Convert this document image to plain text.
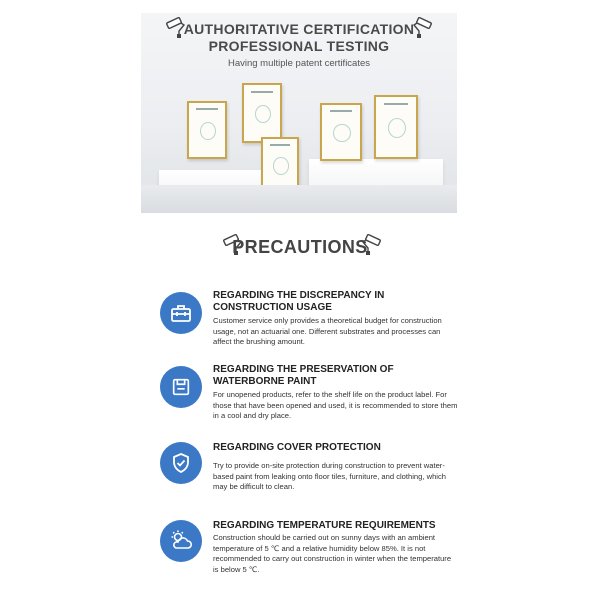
AUTHORITATIVE CERTIFICATION
PROFESSIONAL TESTING
Having multiple patent certificates
PRECAUTIONS
REGARDING THE DISCREPANCY IN CONSTRUCTION USAGE
Customer service only provides a theoretical budget for construction usage, not an actuarial one. Different substrates and processes can affect the brushing amount.
REGARDING THE PRESERVATION OF WATERBORNE PAINT
For unopened products, refer to the shelf life on the product label. For those that have been opened and used, it is recommended to store them in a cool and dry place.
REGARDING COVER PROTECTION
Try to provide on-site protection during construction to prevent water-based paint from leaking onto floor tiles, furniture, and clothing, which may be difficult to clean.
REGARDING TEMPERATURE REQUIREMENTS
Construction should be carried out on sunny days with an ambient temperature of 5 ℃ and a relative humidity below 85%. It is not recommended to carry out construction in winter when the temperature is below 5 ℃.
